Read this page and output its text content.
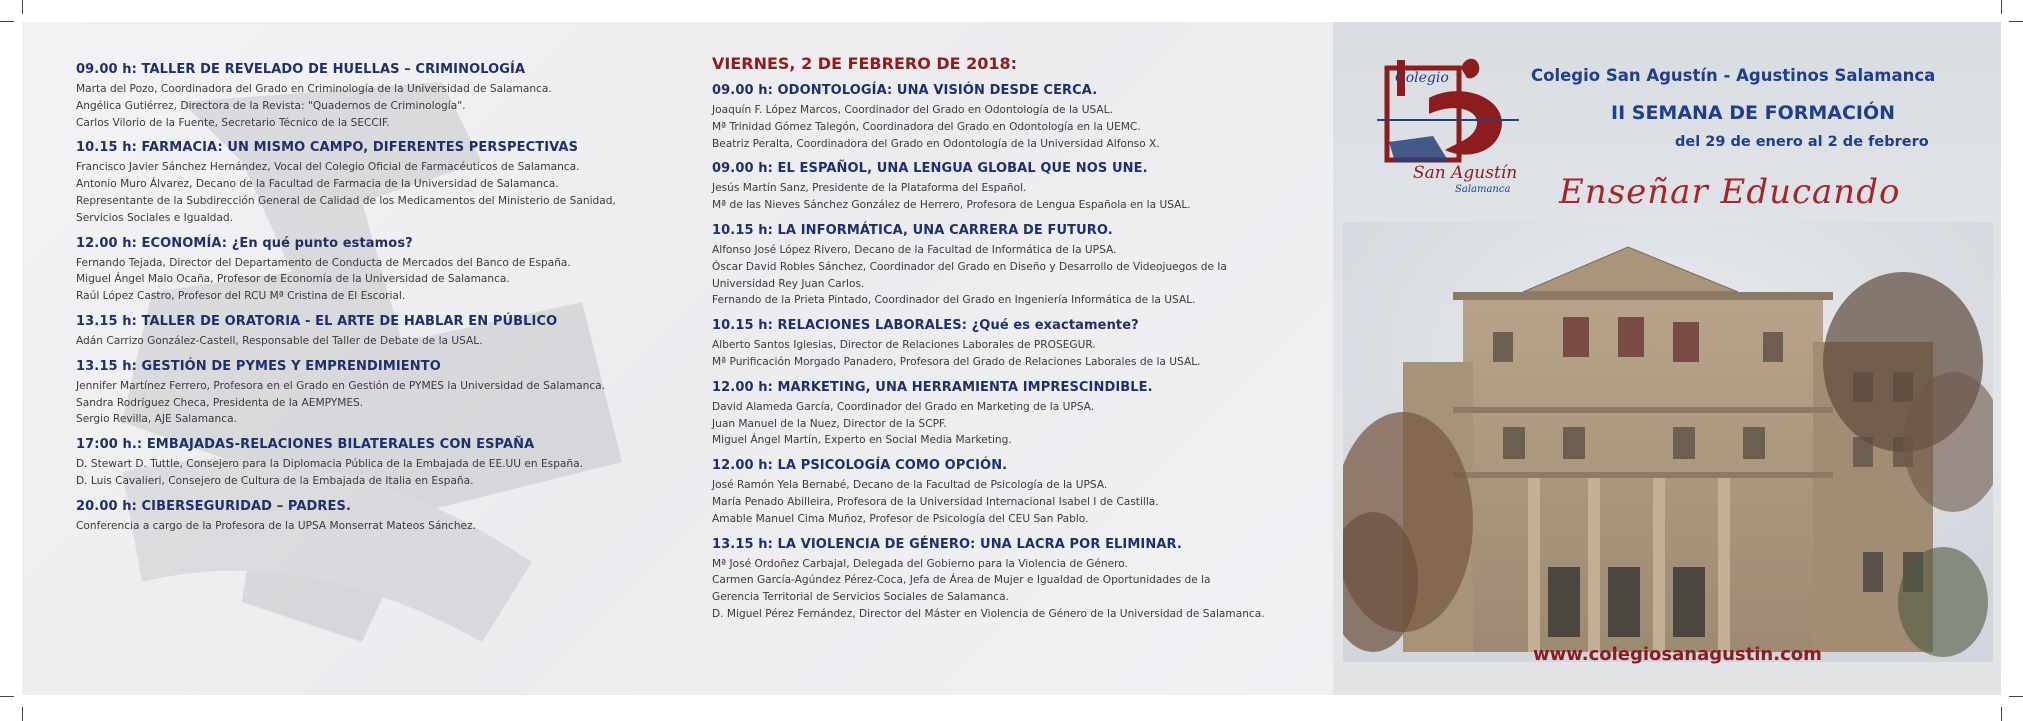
09.00 h: TALLER DE REVELADO DE HUELLAS – CRIMINOLOGÍA
Marta del Pozo, Coordinadora del Grado en Criminología de la Universidad de Salamanca.
Angélica Gutiérrez, Directora de la Revista: "Quadernos de Criminología".
Carlos Vilorio de la Fuente, Secretario Técnico de la SECCIF.
10.15 h: FARMACIA: UN MISMO CAMPO, DIFERENTES PERSPECTIVAS
Francisco Javier Sánchez Hernández, Vocal del Colegio Oficial de Farmacéuticos de Salamanca.
Antonio Muro Álvarez, Decano de la Facultad de Farmacia de la Universidad de Salamanca.
Representante de la Subdirección General de Calidad de los Medicamentos del Ministerio de Sanidad,
Servicios Sociales e Igualdad.
12.00 h: ECONOMÍA: ¿En qué punto estamos?
Fernando Tejada, Director del Departamento de Conducta de Mercados del Banco de España.
Miguel Ángel Malo Ocaña, Profesor de Economía de la Universidad de Salamanca.
Raúl López Castro, Profesor del RCU Mª Cristina de El Escorial.
13.15 h: TALLER DE ORATORIA - EL ARTE DE HABLAR EN PÚBLICO
Adán Carrizo González-Castell, Responsable del Taller de Debate de la USAL.
13.15 h: GESTIÓN DE PYMES Y EMPRENDIMIENTO
Jennifer Martínez Ferrero, Profesora en el Grado en Gestión de PYMES la Universidad de Salamanca.
Sandra Rodríguez Checa, Presidenta de la AEMPYMES.
Sergio Revilla, AJE Salamanca.
17:00 h.: EMBAJADAS-RELACIONES BILATERALES CON ESPAÑA
D. Stewart D. Tuttle, Consejero para la Diplomacia Pública de la Embajada de EE.UU en España.
D. Luis Cavalieri, Consejero de Cultura de la Embajada de Italia en España.
20.00 h: CIBERSEGURIDAD – PADRES.
Conferencia a cargo de la Profesora de la UPSA Monserrat Mateos Sánchez.
VIERNES, 2 DE FEBRERO DE 2018:
09.00 h: ODONTOLOGÍA: UNA VISIÓN DESDE CERCA.
Joaquín F. López Marcos, Coordinador del Grado en Odontología de la USAL.
Mª Trinidad Gómez Talegón, Coordinadora del Grado en Odontología en la UEMC.
Beatriz Peralta, Coordinadora del Grado en Odontología de la Universidad Alfonso X.
09.00 h: EL ESPAÑOL, UNA LENGUA GLOBAL QUE NOS UNE.
Jesús Martín Sanz, Presidente de la Plataforma del Español.
Mª de las Nieves Sánchez González de Herrero, Profesora de Lengua Española en la USAL.
10.15 h: LA INFORMÁTICA, UNA CARRERA DE FUTURO.
Alfonso José López Rivero, Decano de la Facultad de Informática de la UPSA.
Óscar David Robles Sánchez, Coordinador del Grado en Diseño y Desarrollo de Videojuegos de la
Universidad Rey Juan Carlos.
Fernando de la Prieta Pintado, Coordinador del Grado en Ingeniería Informática de la USAL.
10.15 h: RELACIONES LABORALES: ¿Qué es exactamente?
Alberto Santos Iglesias, Director de Relaciones Laborales de PROSEGUR.
Mª Purificación Morgado Panadero, Profesora del Grado de Relaciones Laborales de la USAL.
12.00 h: MARKETING, UNA HERRAMIENTA IMPRESCINDIBLE.
David Alameda García, Coordinador del Grado en Marketing de la UPSA.
Juan Manuel de la Nuez, Director de la SCPF.
Miguel Ángel Martín, Experto en Social Media Marketing.
12.00 h: LA PSICOLOGÍA COMO OPCIÓN.
José Ramón Yela Bernabé, Decano de la Facultad de Psicología de la UPSA.
María Penado Abilleira, Profesora de la Universidad Internacional Isabel I de Castilla.
Amable Manuel Cima Muñoz, Profesor de Psicología del CEU San Pablo.
13.15 h: LA VIOLENCIA DE GÉNERO: UNA LACRA POR ELIMINAR.
Mª José Ordoñez Carbajal, Delegada del Gobierno para la Violencia de Género.
Carmen García-Agúndez Pérez-Coca, Jefa de Área de Mujer e Igualdad de Oportunidades de la
Gerencia Territorial de Servicios Sociales de Salamanca.
D. Miguel Pérez Fernández, Director del Máster en Violencia de Género de la Universidad de Salamanca.
Colegio
San Agustín
Salamanca
Colegio San Agustín - Agustinos Salamanca
II SEMANA DE FORMACIÓN
del 29 de enero al 2 de febrero
Enseñar Educando
www.colegiosanagustin.com
